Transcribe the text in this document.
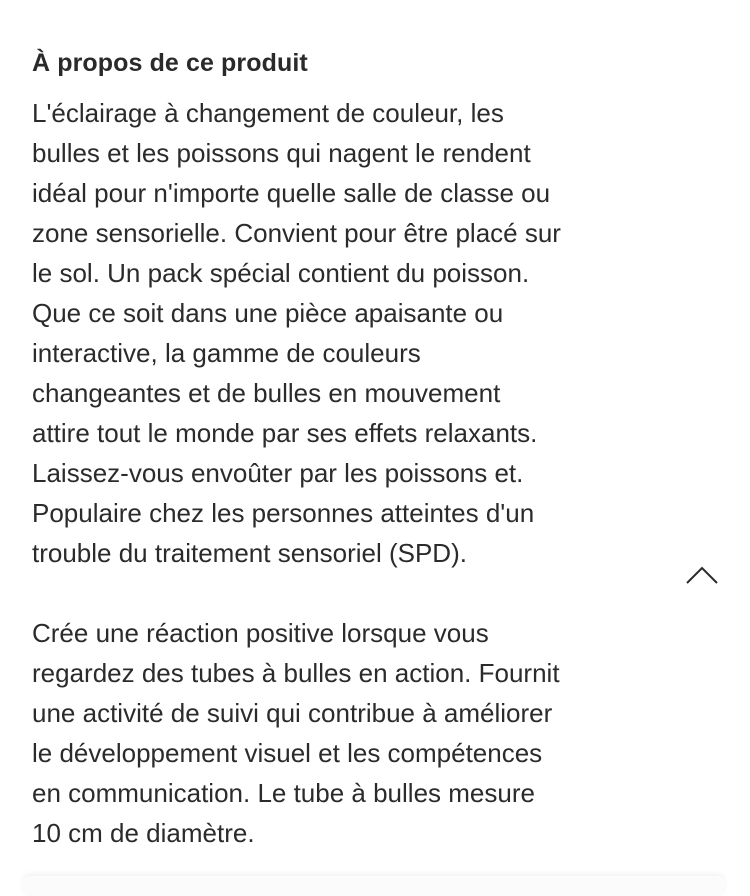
À propos de ce produit
L'éclairage à changement de couleur, les
bulles et les poissons qui nagent le rendent
idéal pour n'importe quelle salle de classe ou
zone sensorielle. Convient pour être placé sur
le sol. Un pack spécial contient du poisson.
Que ce soit dans une pièce apaisante ou
interactive, la gamme de couleurs
changeantes et de bulles en mouvement
attire tout le monde par ses effets relaxants.
Laissez-vous envoûter par les poissons et.
Populaire chez les personnes atteintes d'un
trouble du traitement sensoriel (SPD).
Crée une réaction positive lorsque vous
regardez des tubes à bulles en action. Fournit
une activité de suivi qui contribue à améliorer
le développement visuel et les compétences
en communication. Le tube à bulles mesure
10 cm de diamètre.
